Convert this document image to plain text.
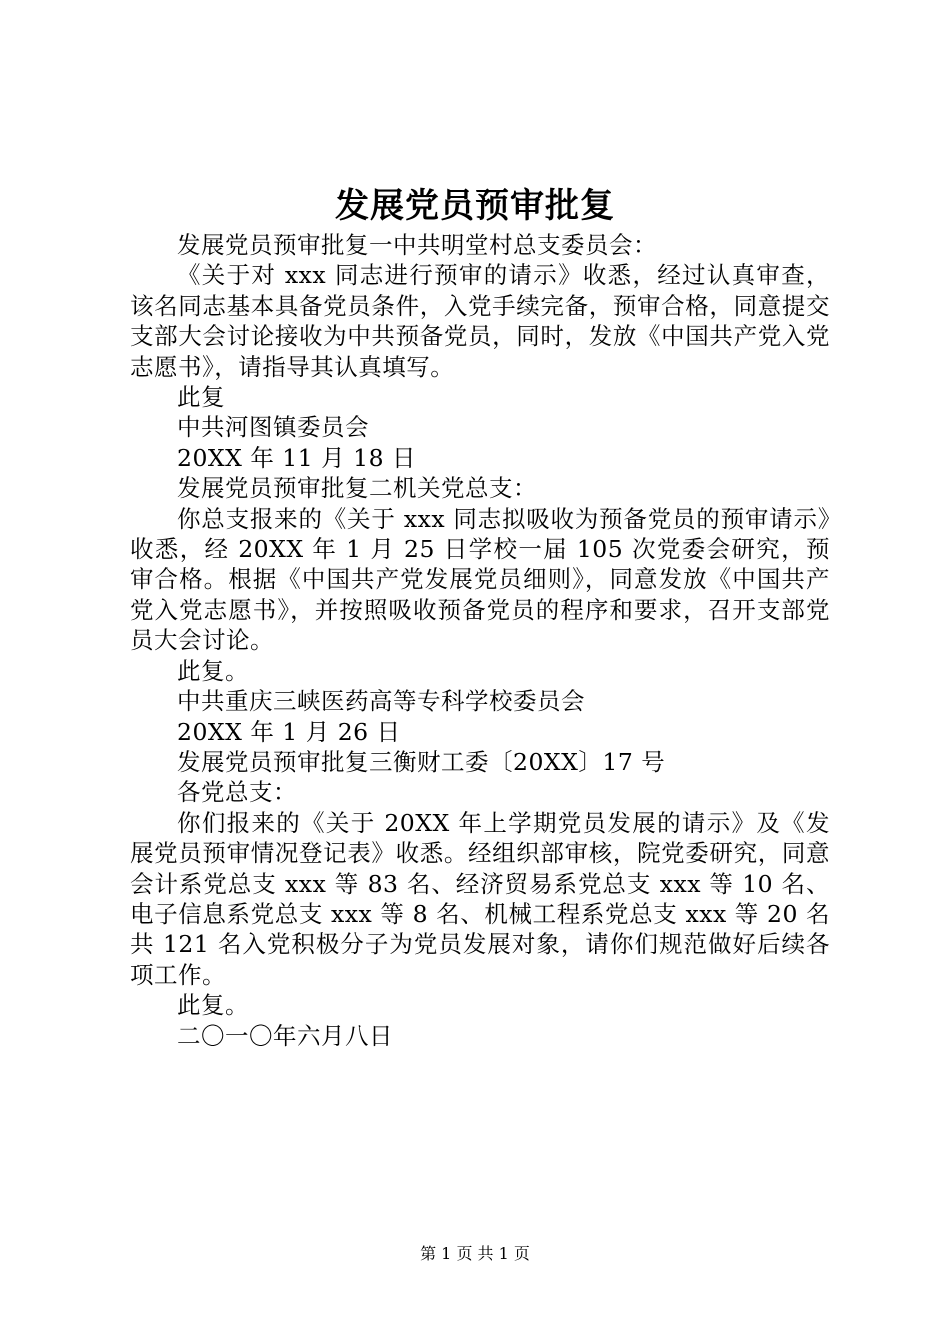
发展党员预审批复

发展党员预审批复一中共明堂村总支委员会：

《关于对 xxx 同志进行预审的请示》收悉，经过认真审查，该名同志基本具备党员条件，入党手续完备，预审合格，同意提交支部大会讨论接收为中共预备党员，同时，发放《中国共产党入党志愿书》，请指导其认真填写。

此复

中共河图镇委员会

20XX 年 11 月 18 日

发展党员预审批复二机关党总支：

你总支报来的《关于 xxx 同志拟吸收为预备党员的预审请示》收悉，经 20XX 年 1 月 25 日学校一届 105 次党委会研究，预审合格。根据《中国共产党发展党员细则》，同意发放《中国共产党入党志愿书》，并按照吸收预备党员的程序和要求，召开支部党员大会讨论。

此复。

中共重庆三峡医药高等专科学校委员会

20XX 年 1 月 26 日

发展党员预审批复三衡财工委〔20XX〕17 号

各党总支：

你们报来的《关于 20XX 年上学期党员发展的请示》及《发展党员预审情况登记表》收悉。经组织部审核，院党委研究，同意会计系党总支 xxx 等 83 名、经济贸易系党总支 xxx 等 10 名、电子信息系党总支 xxx 等 8 名、机械工程系党总支 xxx 等 20 名共 121 名入党积极分子为党员发展对象，请你们规范做好后续各项工作。

此复。

二〇一〇年六月八日

第 1 页 共 1 页
